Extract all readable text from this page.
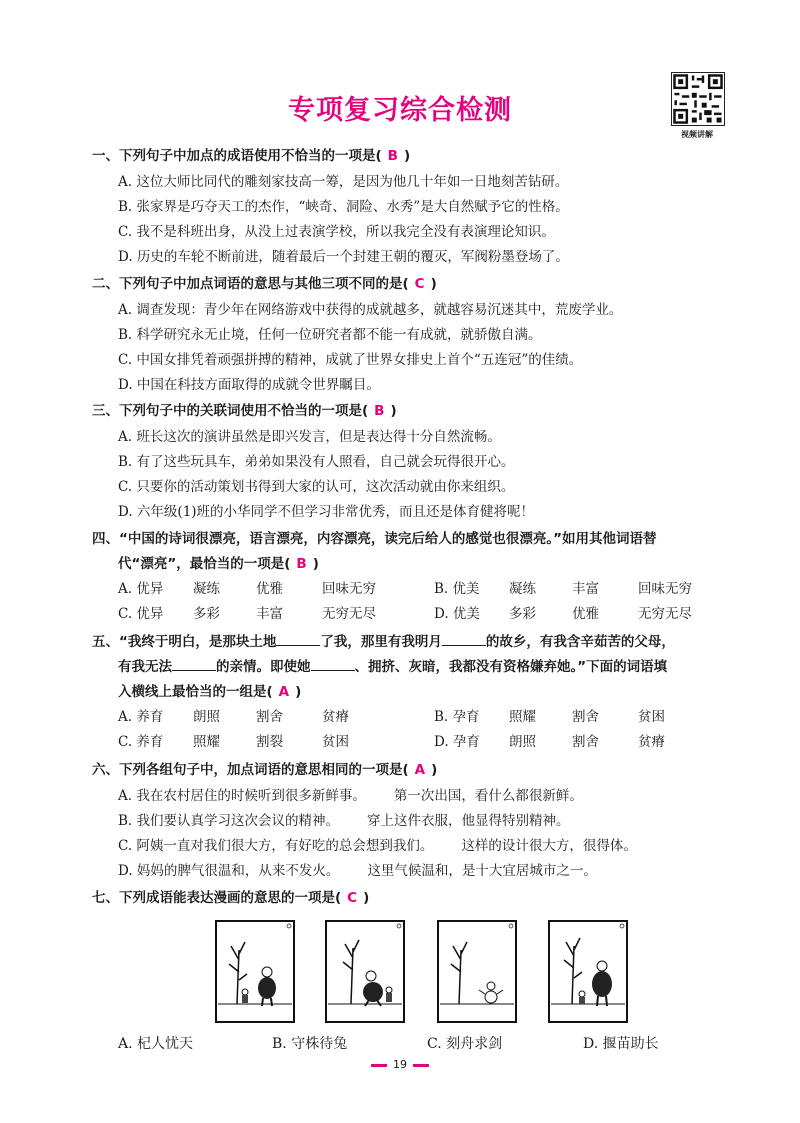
专项复习综合检测
视频讲解
一、下列句子中加点的成语使用不恰当的一项是( B )
A. 这位大师比同代的雕刻家技高一筹，是因为他几十年如一日地刻苦钻研。
B. 张家界是巧夺天工的杰作，“峡奇、洞险、水秀”是大自然赋予它的性格。
C. 我不是科班出身，从没上过表演学校，所以我完全没有表演理论知识。
D. 历史的车轮不断前进，随着最后一个封建王朝的覆灭，军阀粉墨登场了。
二、下列句子中加点词语的意思与其他三项不同的是( C )
A. 调查发现：青少年在网络游戏中获得的成就越多，就越容易沉迷其中，荒废学业。
B. 科学研究永无止境，任何一位研究者都不能一有成就，就骄傲自满。
C. 中国女排凭着顽强拼搏的精神，成就了世界女排史上首个“五连冠”的佳绩。
D. 中国在科技方面取得的成就令世界瞩目。
三、下列句子中的关联词使用不恰当的一项是( B )
A. 班长这次的演讲虽然是即兴发言，但是表达得十分自然流畅。
B. 有了这些玩具车，弟弟如果没有人照看，自己就会玩得很开心。
C. 只要你的活动策划书得到大家的认可，这次活动就由你来组织。
D. 六年级(1)班的小华同学不但学习非常优秀，而且还是体育健将呢！
四、“中国的诗词很漂亮，语言漂亮，内容漂亮，读完后给人的感觉也很漂亮。”如用其他词语替
代“漂亮”，最恰当的一项是( B )
A. 优异 凝练	优雅	回味无穷	B. 优美 凝练	丰富	回味无穷
C. 优异 多彩	丰富	无穷无尽	D. 优美 多彩	优雅	无穷无尽
五、“我终于明白，是那块土地	了我，那里有我明月	的故乡，有我含辛茹苦的父母，
有我无法	的亲情。即使她	、拥挤、灰暗，我都没有资格嫌弃她。”下面的词语填
入横线上最恰当的一组是( A )
A. 养育 朗照	割舍	贫瘠	B. 孕育 照耀	割舍	贫困
C. 养育 照耀	割裂	贫困	D. 孕育 朗照	割舍	贫瘠
六、下列各组句子中，加点词语的意思相同的一项是( A )
A. 我在农村居住的时候听到很多新鲜事。 第一次出国，看什么都很新鲜。
B. 我们要认真学习这次会议的精神。 穿上这件衣服，他显得特别精神。
C. 阿姨一直对我们很大方，有好吃的总会想到我们。 这样的设计很大方，很得体。
D. 妈妈的脾气很温和，从来不发火。 这里气候温和，是十大宜居城市之一。
七、下列成语能表达漫画的意思的一项是( C )
A. 杞人忧天	B. 守株待兔	C. 刻舟求剑	D. 揠苗助长
19
